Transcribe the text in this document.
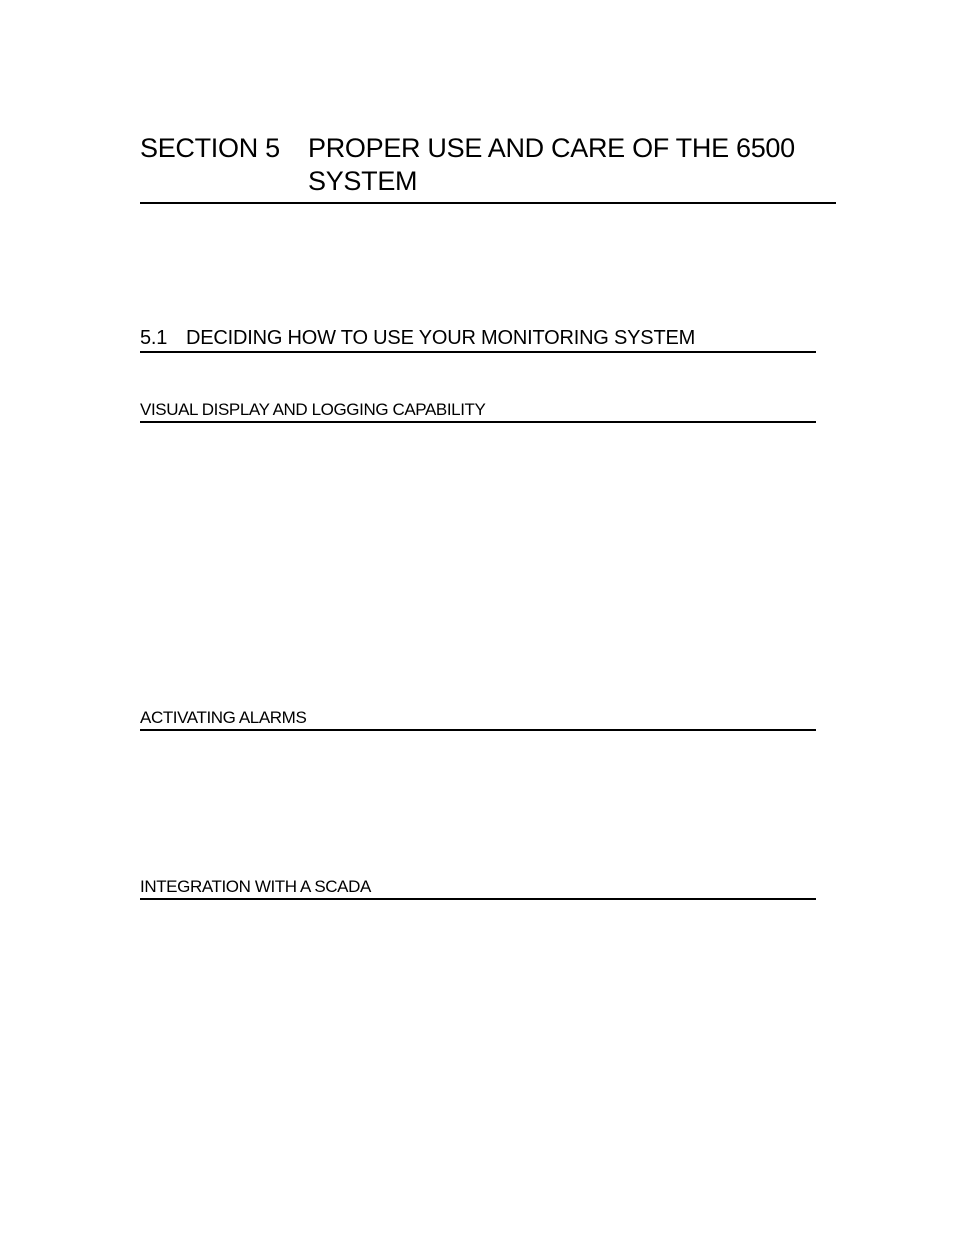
SECTION 5	PROPER USE AND CARE OF THE 6500 SYSTEM
5.1 DECIDING HOW TO USE YOUR MONITORING SYSTEM
VISUAL DISPLAY AND LOGGING CAPABILITY
ACTIVATING ALARMS
INTEGRATION WITH A SCADA
